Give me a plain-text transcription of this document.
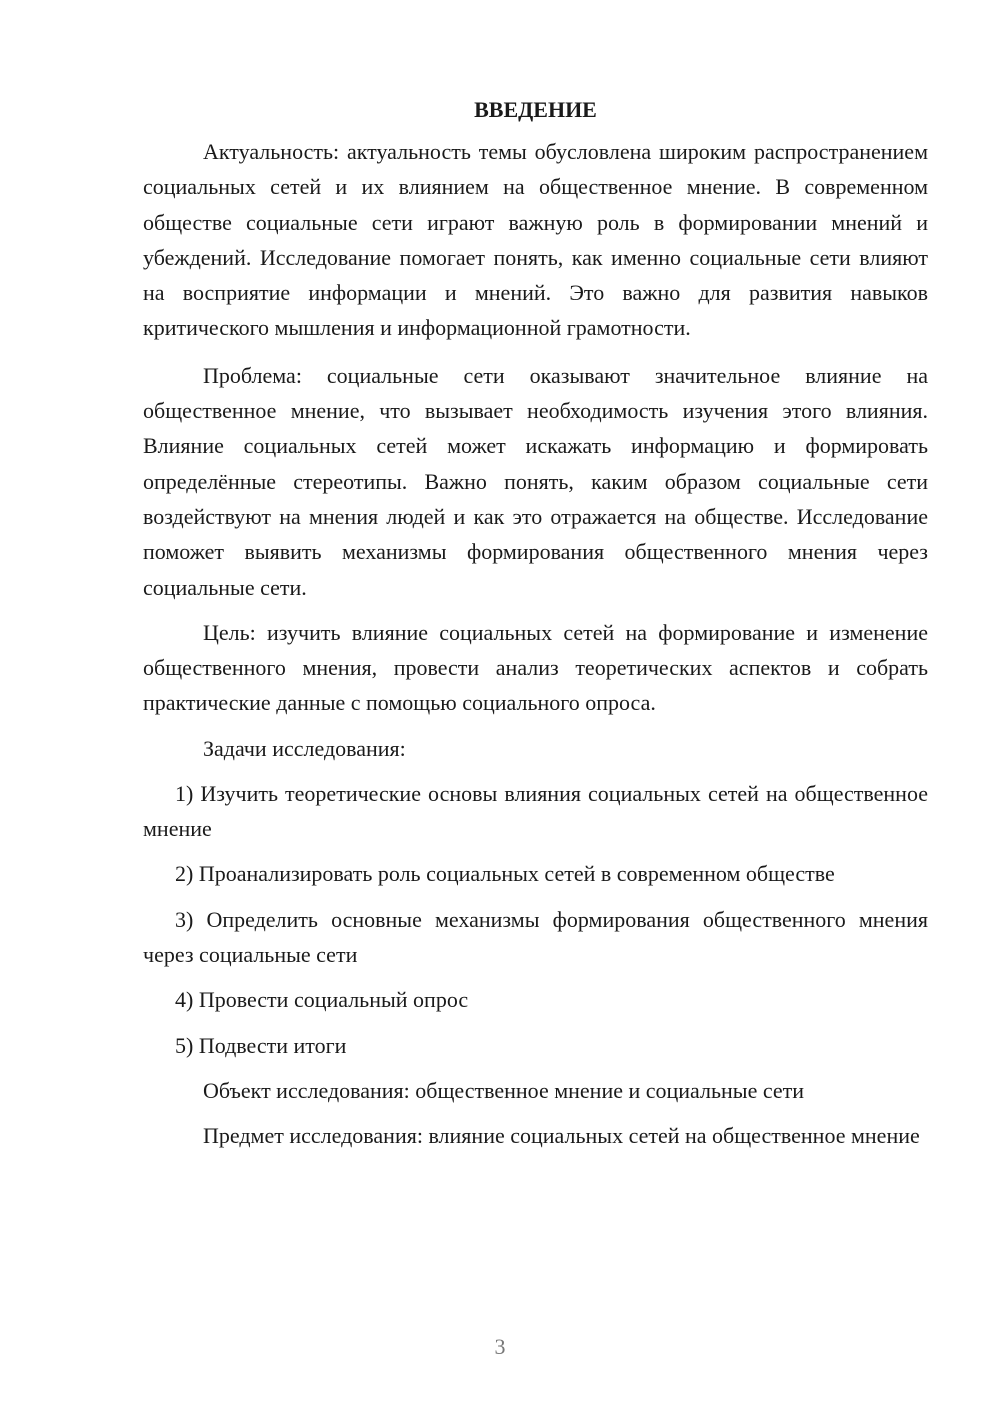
ВВЕДЕНИЕ

Актуальность: актуальность темы обусловлена широким распространением социальных сетей и их влиянием на общественное мнение. В современном обществе социальные сети играют важную роль в формировании мнений и убеждений. Исследование помогает понять, как именно социальные сети влияют на восприятие информации и мнений. Это важно для развития навыков критического мышления и информационной грамотности.

Проблема: социальные сети оказывают значительное влияние на общественное мнение, что вызывает необходимость изучения этого влияния. Влияние социальных сетей может искажать информацию и формировать определённые стереотипы. Важно понять, каким образом социальные сети воздействуют на мнения людей и как это отражается на обществе. Исследование поможет выявить механизмы формирования общественного мнения через социальные сети.

Цель: изучить влияние социальных сетей на формирование и изменение общественного мнения, провести анализ теоретических аспектов и собрать практические данные с помощью социального опроса.

Задачи исследования:

1) Изучить теоретические основы влияния социальных сетей на общественное мнение

2) Проанализировать роль социальных сетей в современном обществе

3) Определить основные механизмы формирования общественного мнения через социальные сети

4) Провести социальный опрос

5) Подвести итоги

Объект исследования: общественное мнение и социальные сети

Предмет исследования: влияние социальных сетей на общественное мнение

3
